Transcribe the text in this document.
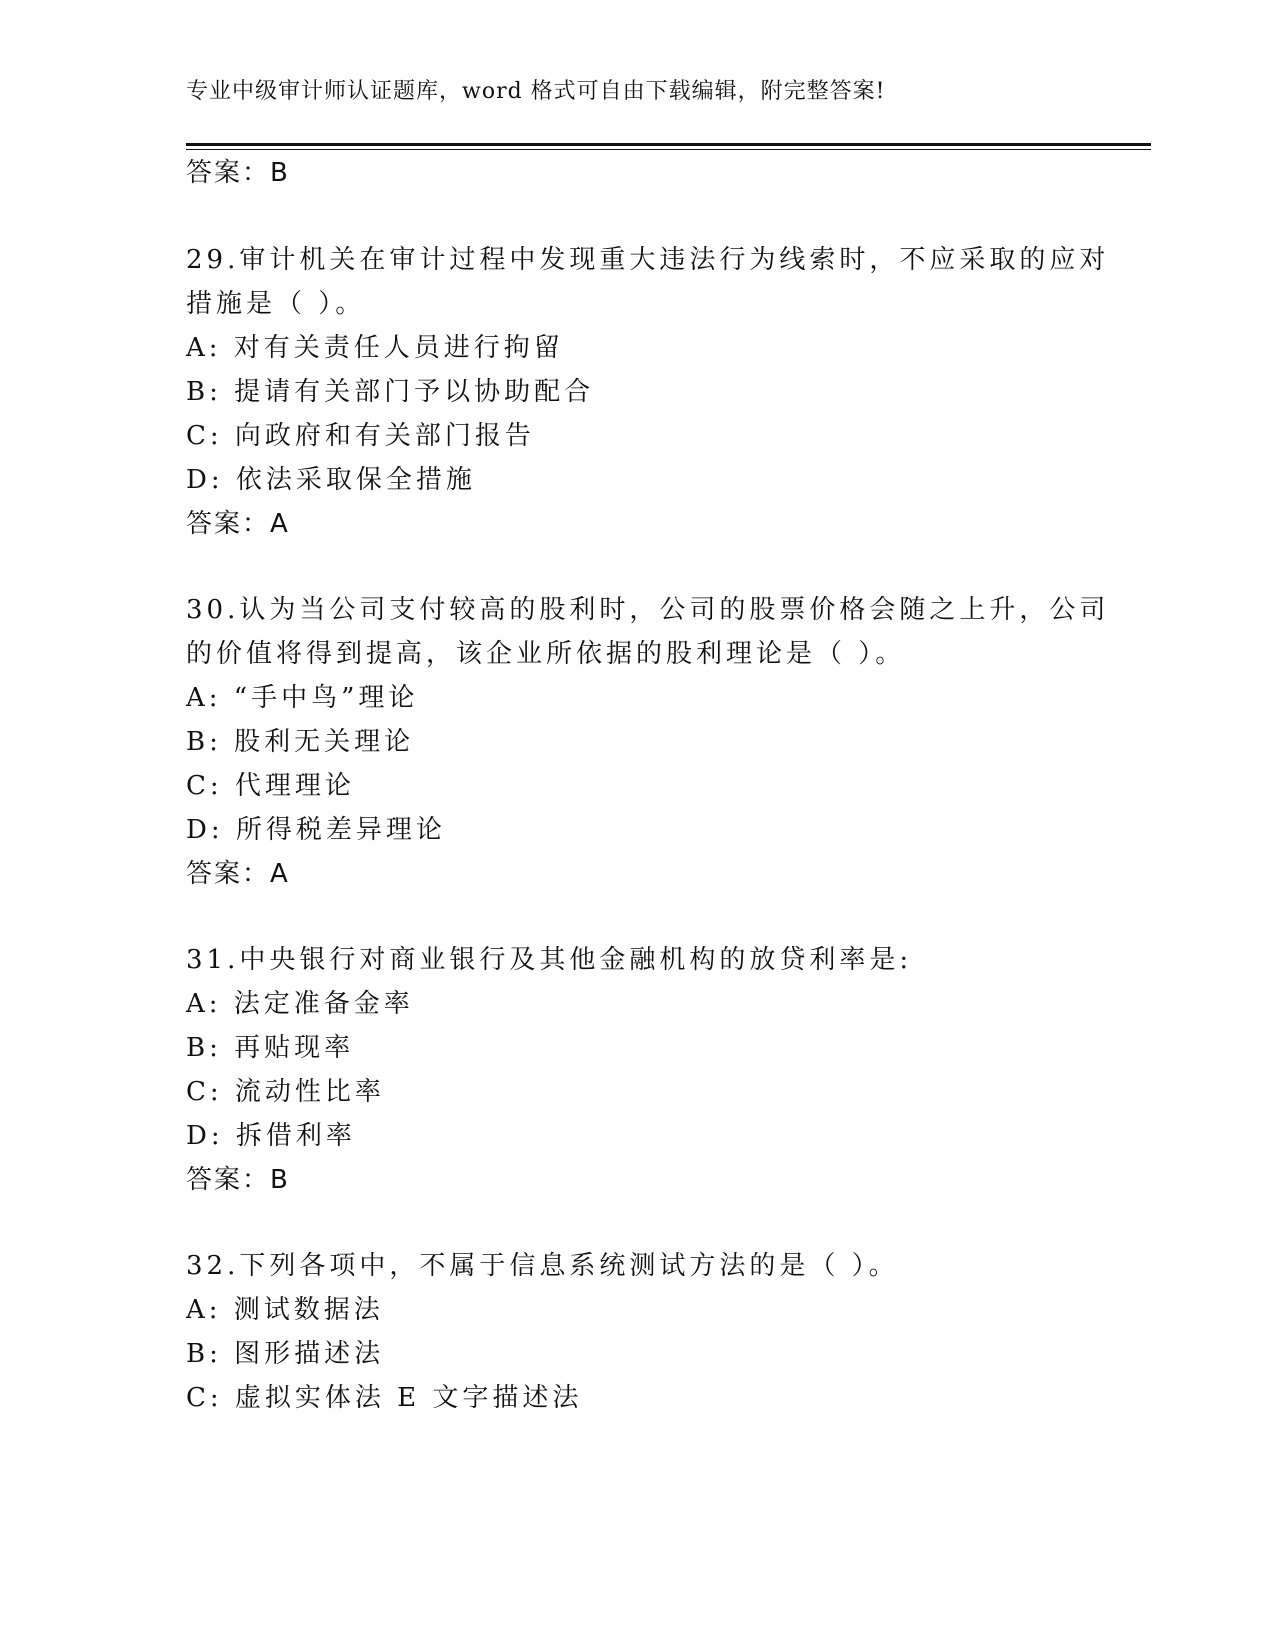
专业中级审计师认证题库，word 格式可自由下载编辑，附完整答案!
答案：B
29.审计机关在审计过程中发现重大违法行为线索时，不应采取的应对
措施是（ ）。
A: 对有关责任人员进行拘留
B: 提请有关部门予以协助配合
C: 向政府和有关部门报告
D: 依法采取保全措施
答案：A
30.认为当公司支付较高的股利时，公司的股票价格会随之上升，公司
的价值将得到提高，该企业所依据的股利理论是（ ）。
A: “手中鸟”理论
B: 股利无关理论
C: 代理理论
D: 所得税差异理论
答案：A
31.中央银行对商业银行及其他金融机构的放贷利率是:
A: 法定准备金率
B: 再贴现率
C: 流动性比率
D: 拆借利率
答案：B
32.下列各项中，不属于信息系统测试方法的是（ ）。
A: 测试数据法
B: 图形描述法
C: 虚拟实体法 E 文字描述法
